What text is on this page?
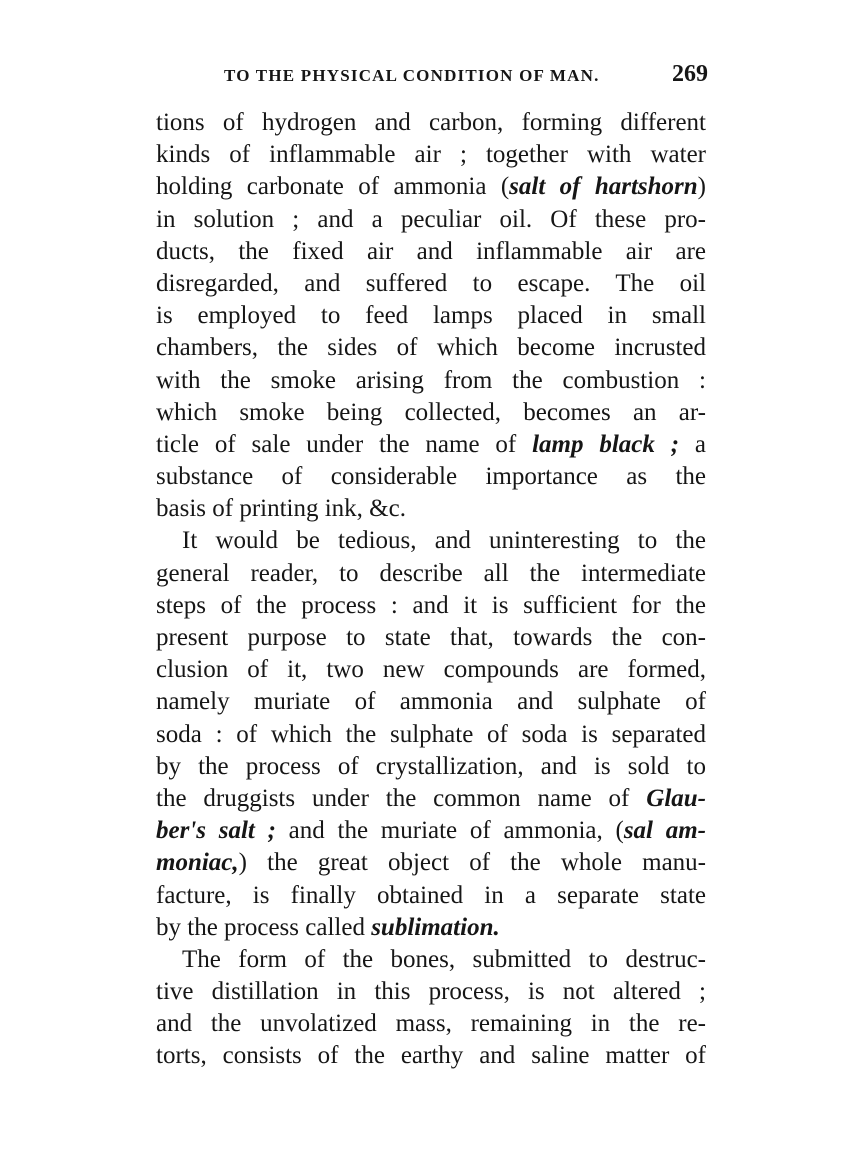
TO THE PHYSICAL CONDITION OF MAN.	269
tions of hydrogen and carbon, forming different
kinds of inflammable air ; together with water
holding carbonate of ammonia (salt of hartshorn)
in solution ; and a peculiar oil. Of these pro-
ducts, the fixed air and inflammable air are
disregarded, and suffered to escape. The oil
is employed to feed lamps placed in small
chambers, the sides of which become incrusted
with the smoke arising from the combustion :
which smoke being collected, becomes an ar-
ticle of sale under the name of lamp black ; a
substance of considerable importance as the
basis of printing ink, &c.
It would be tedious, and uninteresting to the
general reader, to describe all the intermediate
steps of the process : and it is sufficient for the
present purpose to state that, towards the con-
clusion of it, two new compounds are formed,
namely muriate of ammonia and sulphate of
soda : of which the sulphate of soda is separated
by the process of crystallization, and is sold to
the druggists under the common name of Glau-
ber's salt ; and the muriate of ammonia, (sal am-
moniac,) the great object of the whole manu-
facture, is finally obtained in a separate state
by the process called sublimation.
The form of the bones, submitted to destruc-
tive distillation in this process, is not altered ;
and the unvolatized mass, remaining in the re-
torts, consists of the earthy and saline matter of
